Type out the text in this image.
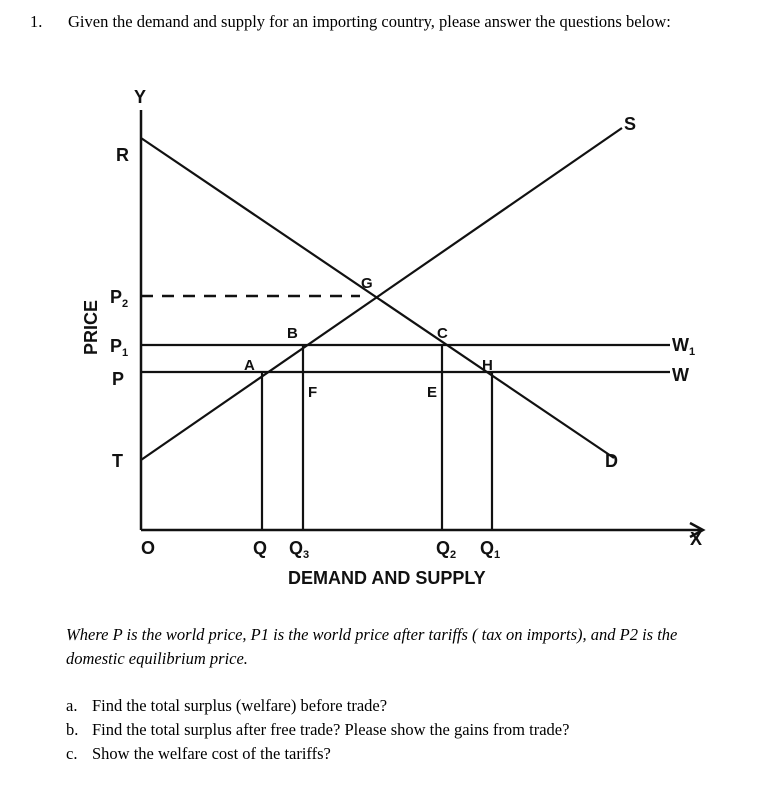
1. Given the demand and supply for an importing country, please answer the questions below:
Y
X
O
PRICE
R
$P_2$
$P_1$
P
T
Q $Q_3$	$Q_2$ $Q_1$
DEMAND AND SUPPLY
A
B	C
E
F
G
H
S
D
$W_1$
W
Where P is the world price, P1 is the world price after tariffs ( tax on imports), and P2 is the domestic equilibrium price.
a. Find the total surplus (welfare) before trade?
b. Find the total surplus after free trade? Please show the gains from trade?
c. Show the welfare cost of the tariffs?
